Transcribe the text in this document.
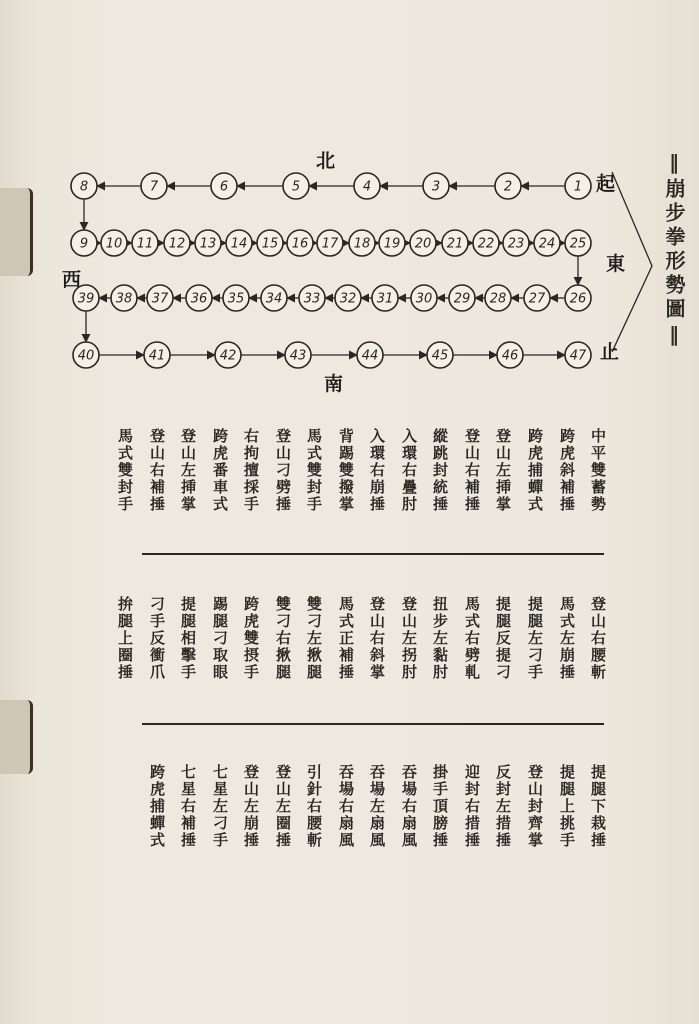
1
2
3
4
5
6
7
8
9 10 11 12 13 14 15 16 17 18 19 20 21 22 23 24 25
26
27
28
29
30
31
32
33
34
35
36
37
38
39
40	41	42	43	44	45	46	47
北
東
南
西
起
止
‖崩步拳形勢圖‖
中平雙蓄勢
跨虎斜補捶
跨虎捕蟬式
登山左挿掌
登山右補捶
縱跳封統捶
入環右疊肘
入環右崩捶
背踢雙撥掌
馬式雙封手
登山刁劈捶
右拘擅採手
跨虎番車式
登山左挿掌
登山右補捶
馬式雙封手
登山右腰斬
馬式左崩捶
提腿左刁手
提腿反提刁
馬式右劈軋
扭步左黏肘
登山左拐肘
登山右斜掌
馬式正補捶
雙刁左揪腿
雙刁右揪腿
跨虎雙摂手
踢腿刁取眼
提腿相擊手
刁手反衝爪
拚腿上圈捶
提腿下栽捶
提腿上挑手
登山封齊掌
反封左措捶
迎封右措捶
掛手頂膀捶
吞場右扇風
吞場左扇風
吞場右扇風
引針右腰斬
登山左圈捶
登山左崩捶
七星左刁手
七星右補捶
跨虎捕蟬式
